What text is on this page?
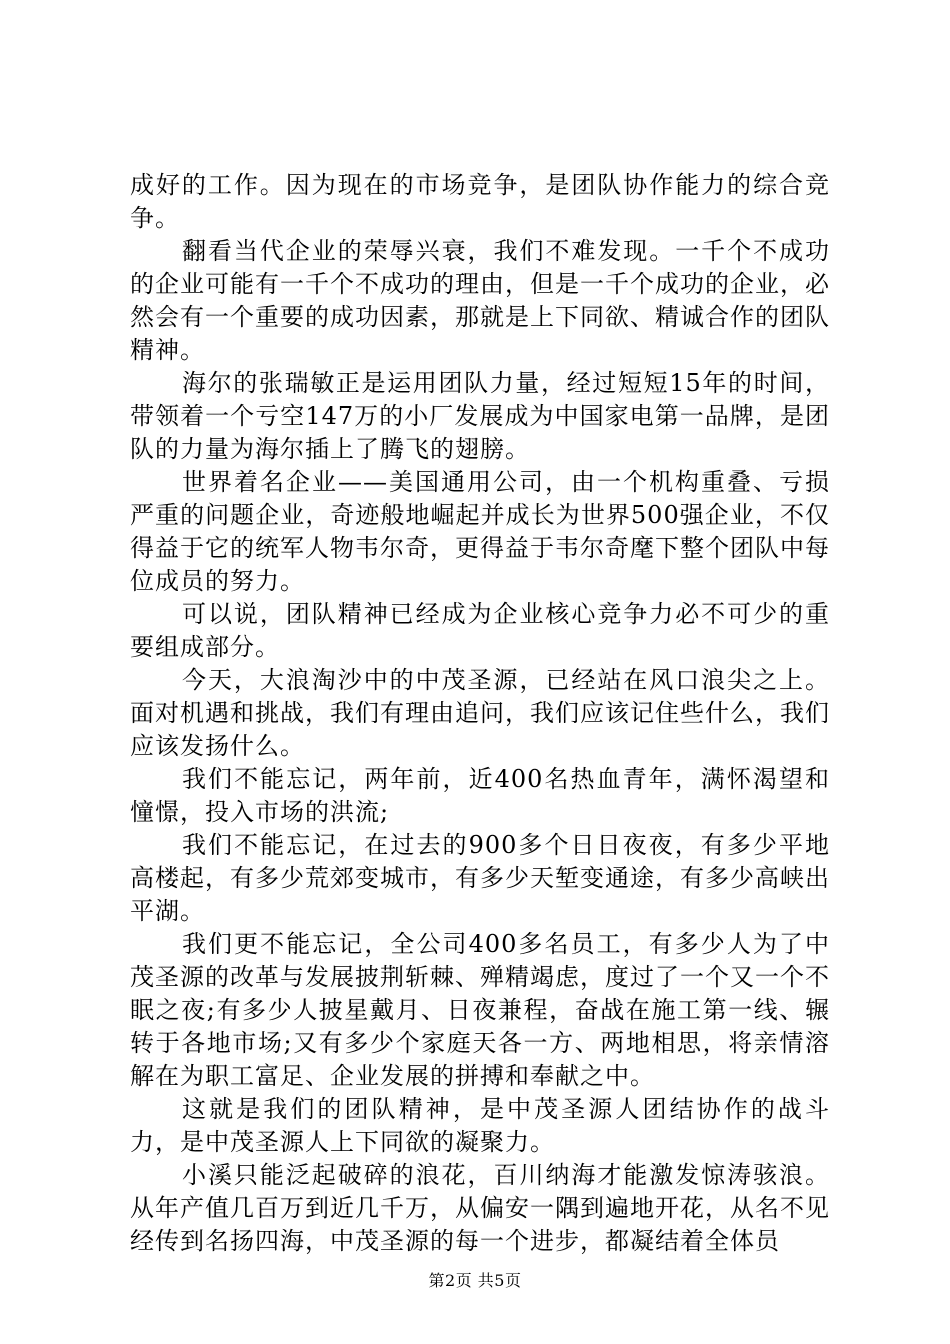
成好的工作。因为现在的市场竞争，是团队协作能力的综合竞争。

翻看当代企业的荣辱兴衰，我们不难发现。一千个不成功的企业可能有一千个不成功的理由，但是一千个成功的企业，必然会有一个重要的成功因素，那就是上下同欲、精诚合作的团队精神。

海尔的张瑞敏正是运用团队力量，经过短短15年的时间，带领着一个亏空147万的小厂发展成为中国家电第一品牌，是团队的力量为海尔插上了腾飞的翅膀。

世界着名企业——美国通用公司，由一个机构重叠、亏损严重的问题企业，奇迹般地崛起并成长为世界500强企业，不仅得益于它的统军人物韦尔奇，更得益于韦尔奇麾下整个团队中每位成员的努力。

可以说，团队精神已经成为企业核心竞争力必不可少的重要组成部分。

今天，大浪淘沙中的中茂圣源，已经站在风口浪尖之上。面对机遇和挑战，我们有理由追问，我们应该记住些什么，我们应该发扬什么。

我们不能忘记，两年前，近400名热血青年，满怀渴望和憧憬，投入市场的洪流;

我们不能忘记，在过去的900多个日日夜夜，有多少平地高楼起，有多少荒郊变城市，有多少天堑变通途，有多少高峡出平湖。

我们更不能忘记，全公司400多名员工，有多少人为了中茂圣源的改革与发展披荆斩棘、殚精竭虑，度过了一个又一个不眠之夜;有多少人披星戴月、日夜兼程，奋战在施工第一线、辗转于各地市场;又有多少个家庭天各一方、两地相思，将亲情溶解在为职工富足、企业发展的拼搏和奉献之中。

这就是我们的团队精神，是中茂圣源人团结协作的战斗力，是中茂圣源人上下同欲的凝聚力。

小溪只能泛起破碎的浪花，百川纳海才能激发惊涛骇浪。从年产值几百万到近几千万，从偏安一隅到遍地开花，从名不见经传到名扬四海，中茂圣源的每一个进步，都凝结着全体员

第2页 共5页
